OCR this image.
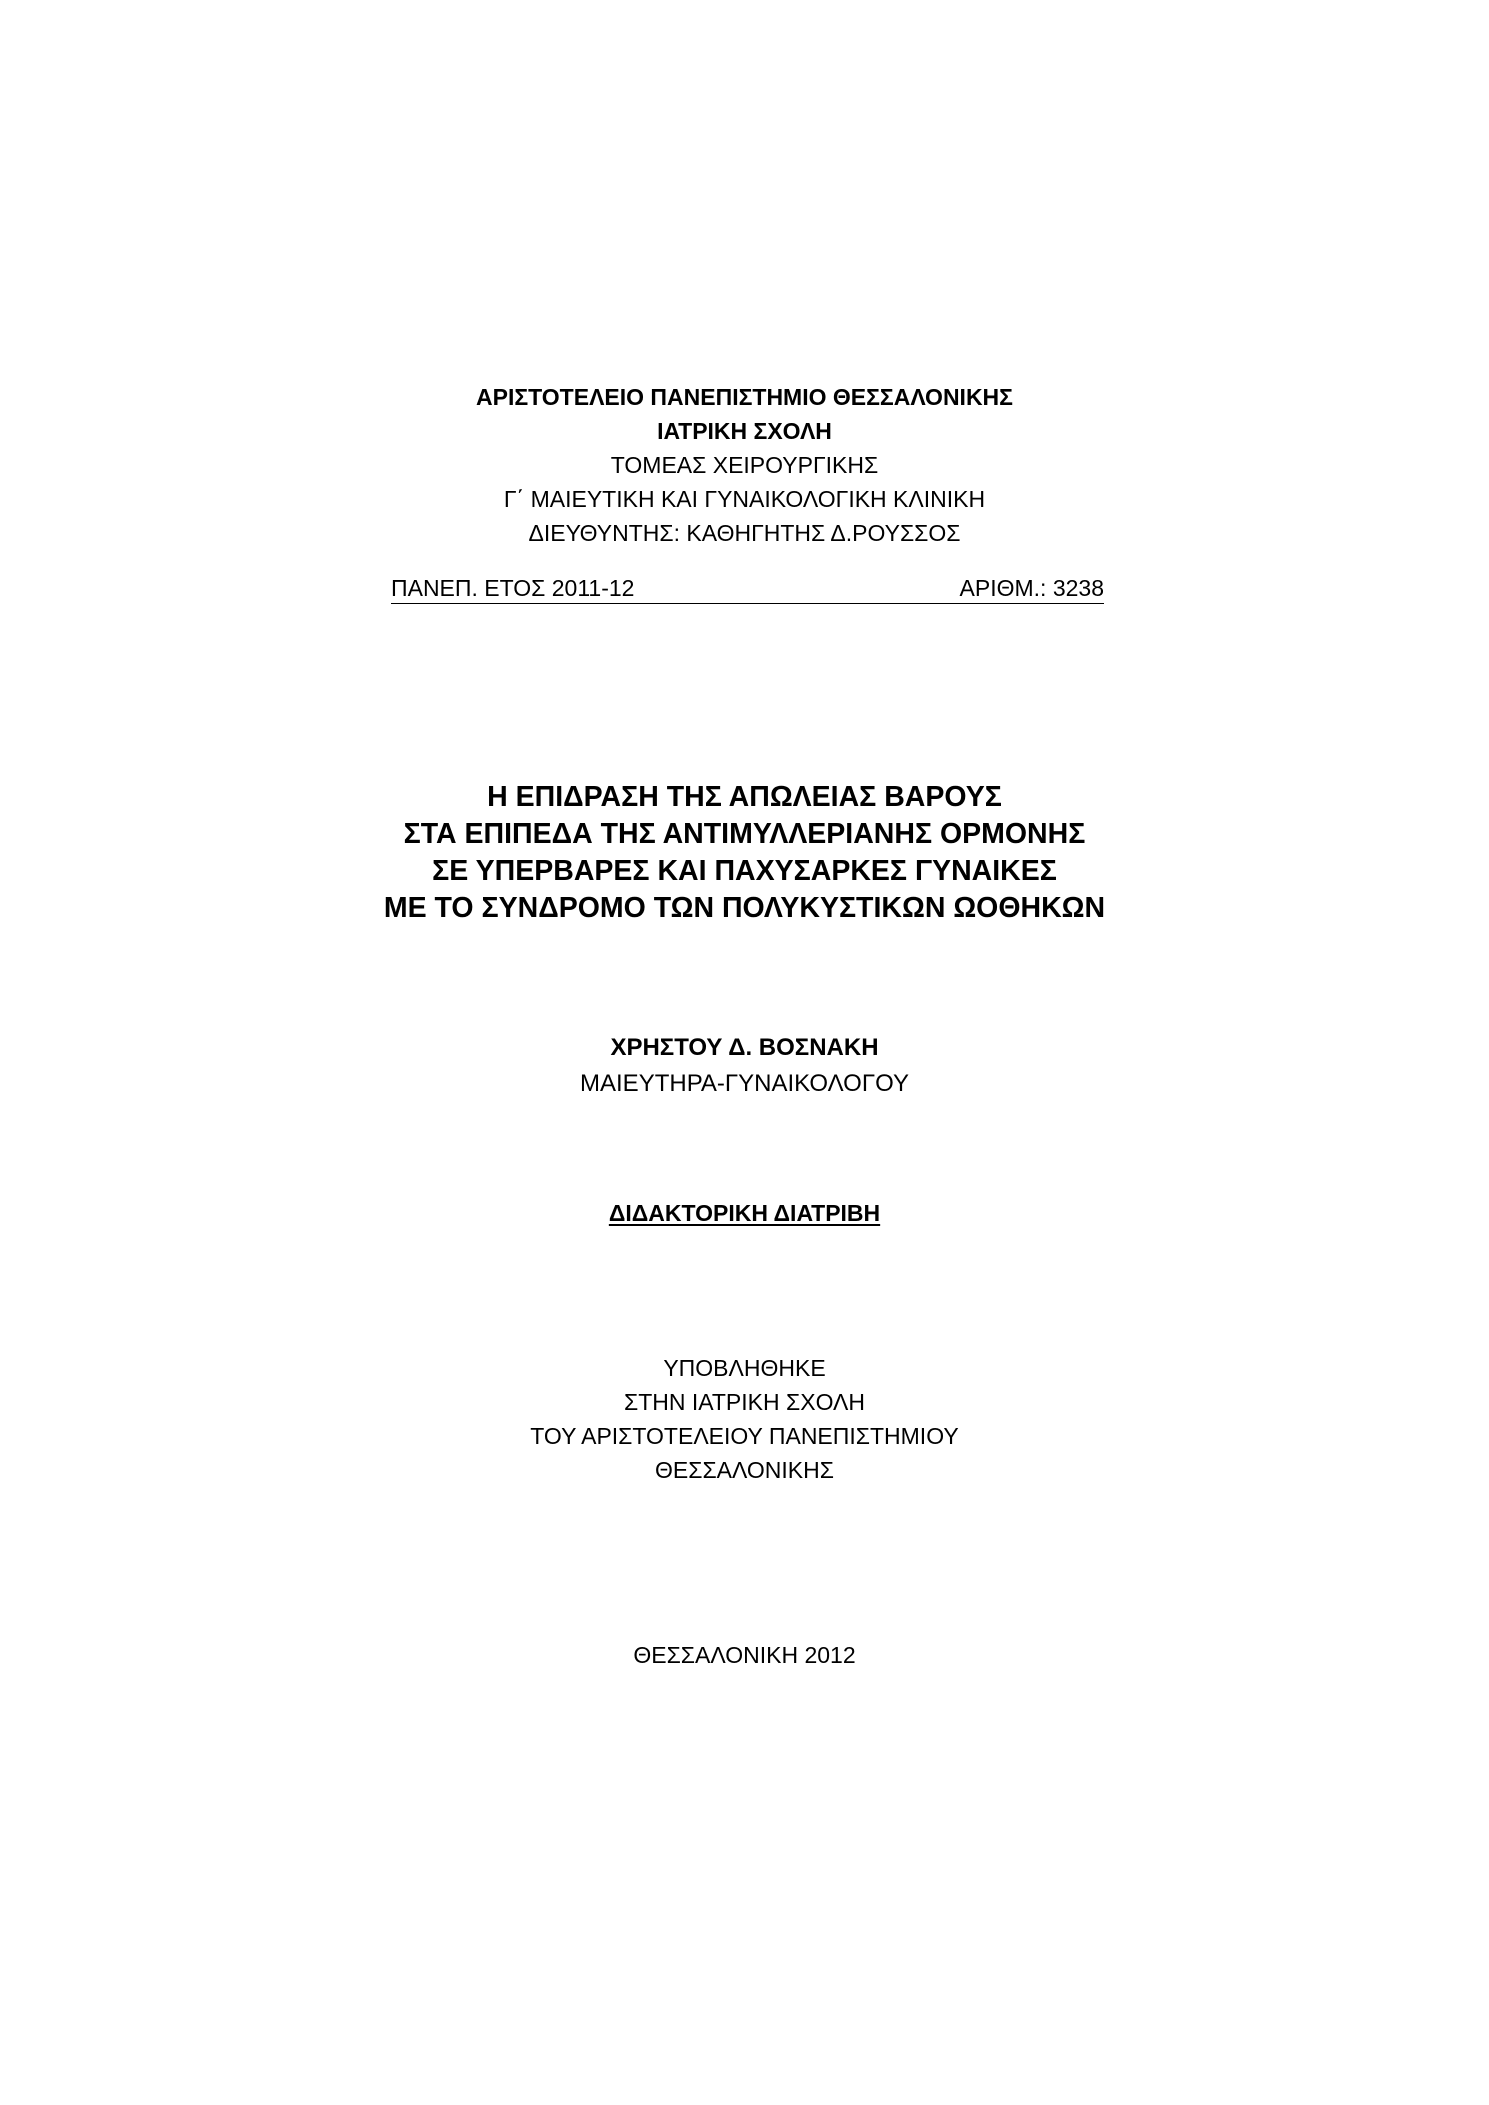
ΑΡΙΣΤΟΤΕΛΕΙΟ ΠΑΝΕΠΙΣΤΗΜΙΟ ΘΕΣΣΑΛΟΝΙΚΗΣ
ΙΑΤΡΙΚΗ ΣΧΟΛΗ
ΤΟΜΕΑΣ ΧΕΙΡΟΥΡΓΙΚΗΣ
Γ΄ ΜΑΙΕΥΤΙΚΗ ΚΑΙ ΓΥΝΑΙΚΟΛΟΓΙΚΗ ΚΛΙΝΙΚΗ
ΔΙΕΥΘΥΝΤΗΣ: ΚΑΘΗΓΗΤΗΣ Δ.ΡΟΥΣΣΟΣ
ΠΑΝΕΠ. ΕΤΟΣ 2011-12	ΑΡΙΘΜ.: 3238
Η ΕΠΙΔΡΑΣΗ ΤΗΣ ΑΠΩΛΕΙΑΣ ΒΑΡΟΥΣ
ΣΤΑ ΕΠΙΠΕΔΑ ΤΗΣ ΑΝΤΙΜΥΛΛΕΡΙΑΝΗΣ ΟΡΜΟΝΗΣ
ΣΕ ΥΠΕΡΒΑΡΕΣ ΚΑΙ ΠΑΧΥΣΑΡΚΕΣ ΓΥΝΑΙΚΕΣ
ΜΕ ΤΟ ΣΥΝΔΡΟΜΟ ΤΩΝ ΠΟΛΥΚΥΣΤΙΚΩΝ ΩΟΘΗΚΩΝ
ΧΡΗΣΤΟΥ Δ. ΒΟΣΝΑΚΗ
ΜΑΙΕΥΤΗΡΑ-ΓΥΝΑΙΚΟΛΟΓΟΥ
ΔΙΔΑΚΤΟΡΙΚΗ ΔΙΑΤΡΙΒΗ
ΥΠΟΒΛΗΘΗΚΕ
ΣΤΗΝ ΙΑΤΡΙΚΗ ΣΧΟΛΗ
ΤΟΥ ΑΡΙΣΤΟΤΕΛΕΙΟΥ ΠΑΝΕΠΙΣΤΗΜΙΟΥ
ΘΕΣΣΑΛΟΝΙΚΗΣ
ΘΕΣΣΑΛΟΝΙΚΗ 2012
